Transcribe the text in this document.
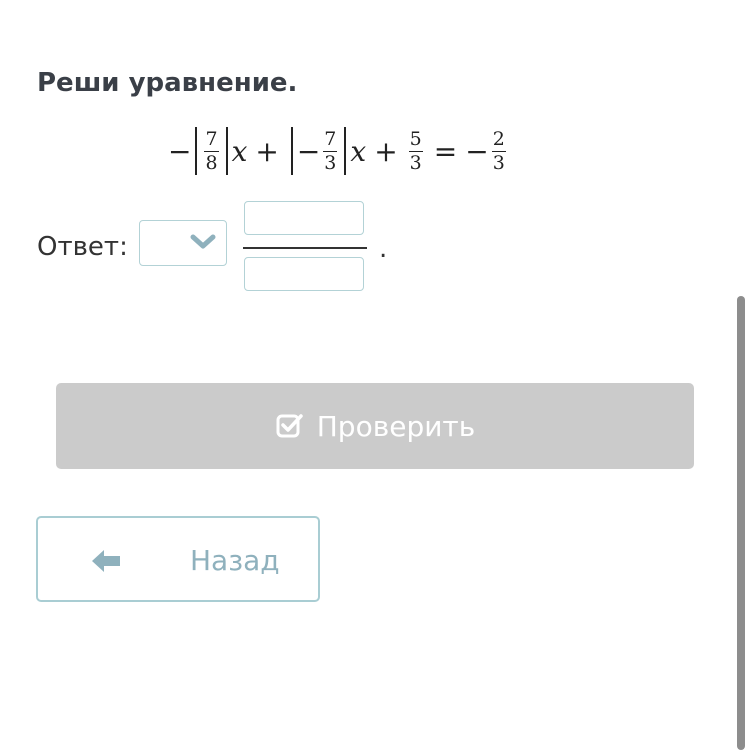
Реши уравнение.
− $\frac{7}{8}$ x + − $\frac{7}{3}$ $x + \frac{5}{3}$ = − $\frac{2}{3}$
Ответ:	.
Проверить
Назад
